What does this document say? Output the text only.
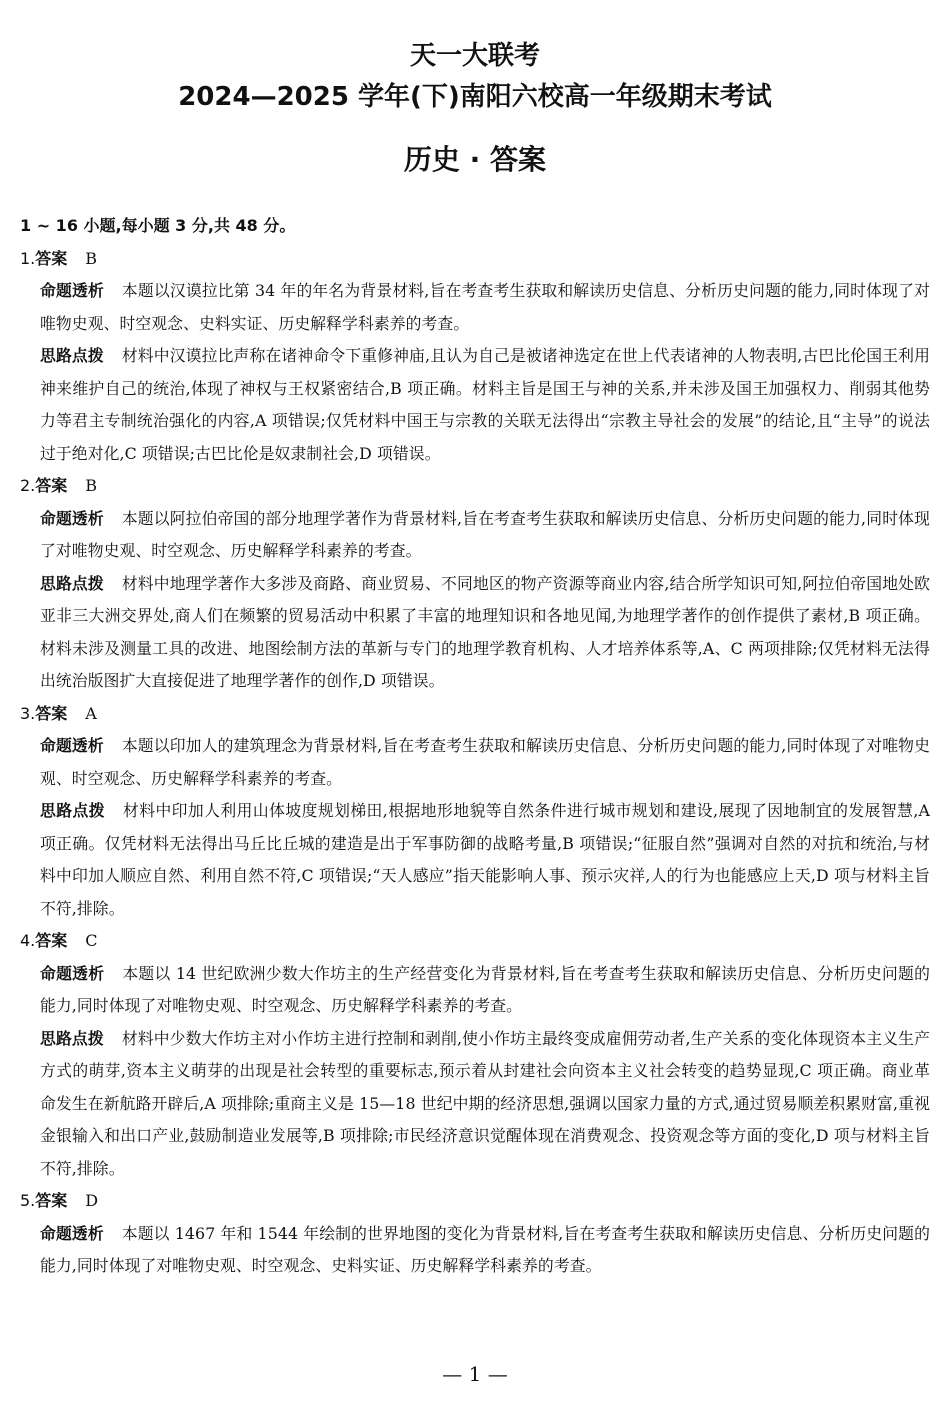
天一大联考
2024—2025 学年(下)南阳六校高一年级期末考试
历史 · 答案
1 ~ 16 小题,每小题 3 分,共 48 分。
1.答案 B
命题透析 本题以汉谟拉比第 34 年的年名为背景材料,旨在考查考生获取和解读历史信息、分析历史问题的能力,同时体现了对唯物史观、时空观念、史料实证、历史解释学科素养的考查。
思路点拨 材料中汉谟拉比声称在诸神命令下重修神庙,且认为自己是被诸神选定在世上代表诸神的人物表明,古巴比伦国王利用神来维护自己的统治,体现了神权与王权紧密结合,B 项正确。材料主旨是国王与神的关系,并未涉及国王加强权力、削弱其他势力等君主专制统治强化的内容,A 项错误;仅凭材料中国王与宗教的关联无法得出“宗教主导社会的发展”的结论,且“主导”的说法过于绝对化,C 项错误;古巴比伦是奴隶制社会,D 项错误。
2.答案 B
命题透析 本题以阿拉伯帝国的部分地理学著作为背景材料,旨在考查考生获取和解读历史信息、分析历史问题的能力,同时体现了对唯物史观、时空观念、历史解释学科素养的考查。
思路点拨 材料中地理学著作大多涉及商路、商业贸易、不同地区的物产资源等商业内容,结合所学知识可知,阿拉伯帝国地处欧亚非三大洲交界处,商人们在频繁的贸易活动中积累了丰富的地理知识和各地见闻,为地理学著作的创作提供了素材,B 项正确。材料未涉及测量工具的改进、地图绘制方法的革新与专门的地理学教育机构、人才培养体系等,A、C 两项排除;仅凭材料无法得出统治版图扩大直接促进了地理学著作的创作,D 项错误。
3.答案 A
命题透析 本题以印加人的建筑理念为背景材料,旨在考查考生获取和解读历史信息、分析历史问题的能力,同时体现了对唯物史观、时空观念、历史解释学科素养的考查。
思路点拨 材料中印加人利用山体坡度规划梯田,根据地形地貌等自然条件进行城市规划和建设,展现了因地制宜的发展智慧,A 项正确。仅凭材料无法得出马丘比丘城的建造是出于军事防御的战略考量,B 项错误;“征服自然”强调对自然的对抗和统治,与材料中印加人顺应自然、利用自然不符,C 项错误;“天人感应”指天能影响人事、预示灾祥,人的行为也能感应上天,D 项与材料主旨不符,排除。
4.答案 C
命题透析 本题以 14 世纪欧洲少数大作坊主的生产经营变化为背景材料,旨在考查考生获取和解读历史信息、分析历史问题的能力,同时体现了对唯物史观、时空观念、历史解释学科素养的考查。
思路点拨 材料中少数大作坊主对小作坊主进行控制和剥削,使小作坊主最终变成雇佣劳动者,生产关系的变化体现资本主义生产方式的萌芽,资本主义萌芽的出现是社会转型的重要标志,预示着从封建社会向资本主义社会转变的趋势显现,C 项正确。商业革命发生在新航路开辟后,A 项排除;重商主义是 15—18 世纪中期的经济思想,强调以国家力量的方式,通过贸易顺差积累财富,重视金银输入和出口产业,鼓励制造业发展等,B 项排除;市民经济意识觉醒体现在消费观念、投资观念等方面的变化,D 项与材料主旨不符,排除。
5.答案 D
命题透析 本题以 1467 年和 1544 年绘制的世界地图的变化为背景材料,旨在考查考生获取和解读历史信息、分析历史问题的能力,同时体现了对唯物史观、时空观念、史料实证、历史解释学科素养的考查。
— 1 —
